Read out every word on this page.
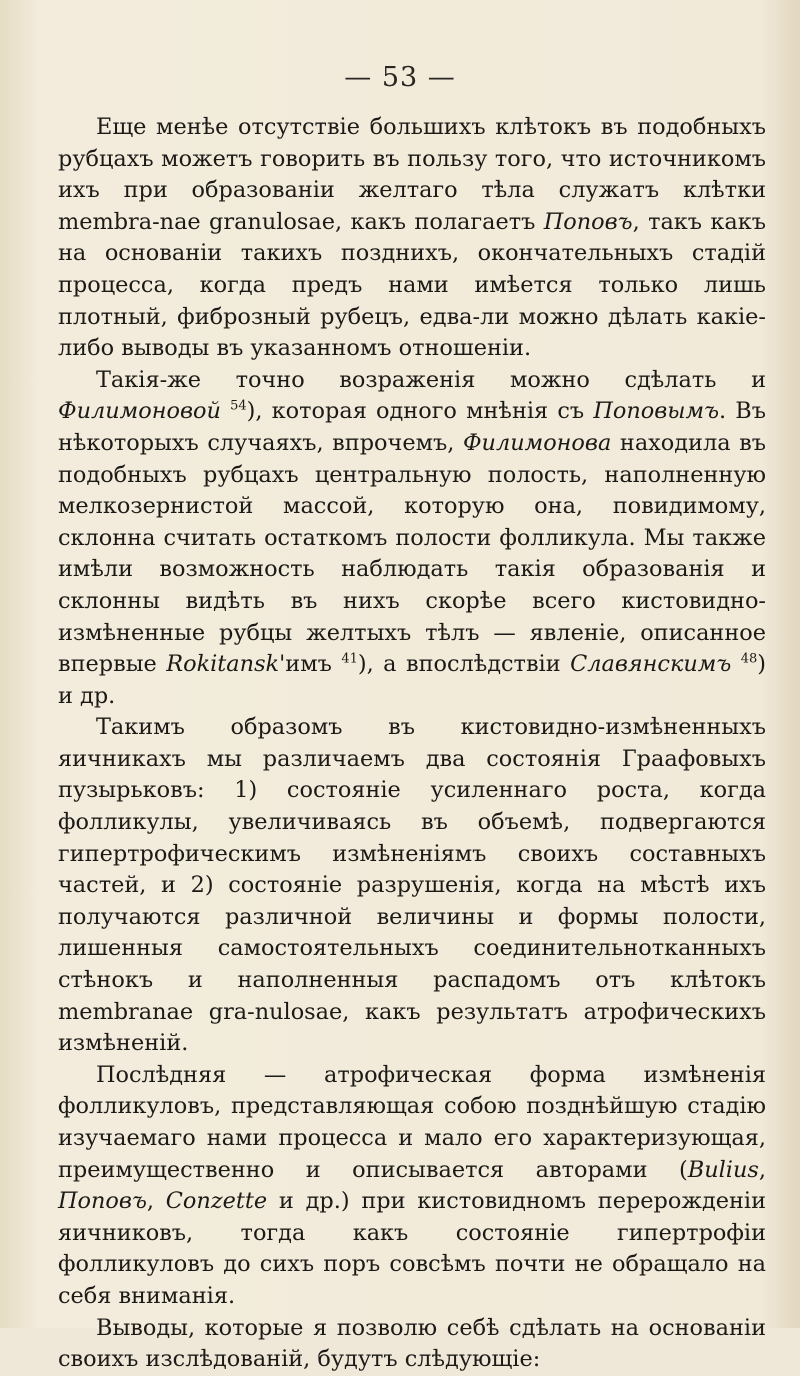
— 53 —

Еще менѣе отсутствіе большихъ клѣтокъ въ подобныхъ рубцахъ можетъ говорить въ пользу того, что источникомъ ихъ при образованіи желтаго тѣла служатъ клѣтки membra-nae granulosae, какъ полагаетъ Поповъ, такъ какъ на основаніи такихъ позднихъ, окончательныхъ стадій процесса, когда предъ нами имѣется только лишь плотный, фиброзный рубецъ, едва-ли можно дѣлать какіе-либо выводы въ указанномъ отношеніи.

Такія-же точно возраженія можно сдѣлать и Филимоновой $^{54}$), которая одного мнѣнія съ Поповымъ. Въ нѣкоторыхъ случаяхъ, впрочемъ, Филимонова находила въ подобныхъ рубцахъ центральную полость, наполненную мелкозернистой массой, которую она, повидимому, склонна считать остаткомъ полости фолликула. Мы также имѣли возможность наблюдать такія образованія и склонны видѣть въ нихъ скорѣе всего кистовидно-измѣненные рубцы желтыхъ тѣлъ — явленіе, описанное впервые Rokitansk'имъ $^{41}$), а впослѣдствіи Славянскимъ $^{48}$) и др.

Такимъ образомъ въ кистовидно-измѣненныхъ яичникахъ мы различаемъ два состоянія Граафовыхъ пузырьковъ: 1) состояніе усиленнаго роста, когда фолликулы, увеличиваясь въ объемѣ, подвергаются гипертрофическимъ измѣненіямъ своихъ составныхъ частей, и 2) состояніе разрушенія, когда на мѣстѣ ихъ получаются различной величины и формы полости, лишенныя самостоятельныхъ соединительнотканныхъ стѣнокъ и наполненныя распадомъ отъ клѣтокъ membranae gra-nulosae, какъ результатъ атрофическихъ измѣненій.

Послѣдняя — атрофическая форма измѣненія фолликуловъ, представляющая собою позднѣйшую стадію изучаемаго нами процесса и мало его характеризующая, преимущественно и описывается авторами (Bulius, Поповъ, Conzette и др.) при кистовидномъ перерожденіи яичниковъ, тогда какъ состояніе гипертрофіи фолликуловъ до сихъ поръ совсѣмъ почти не обращало на себя вниманія.

Выводы, которые я позволю себѣ сдѣлать на основаніи своихъ изслѣдованій, будутъ слѣдующіе:
